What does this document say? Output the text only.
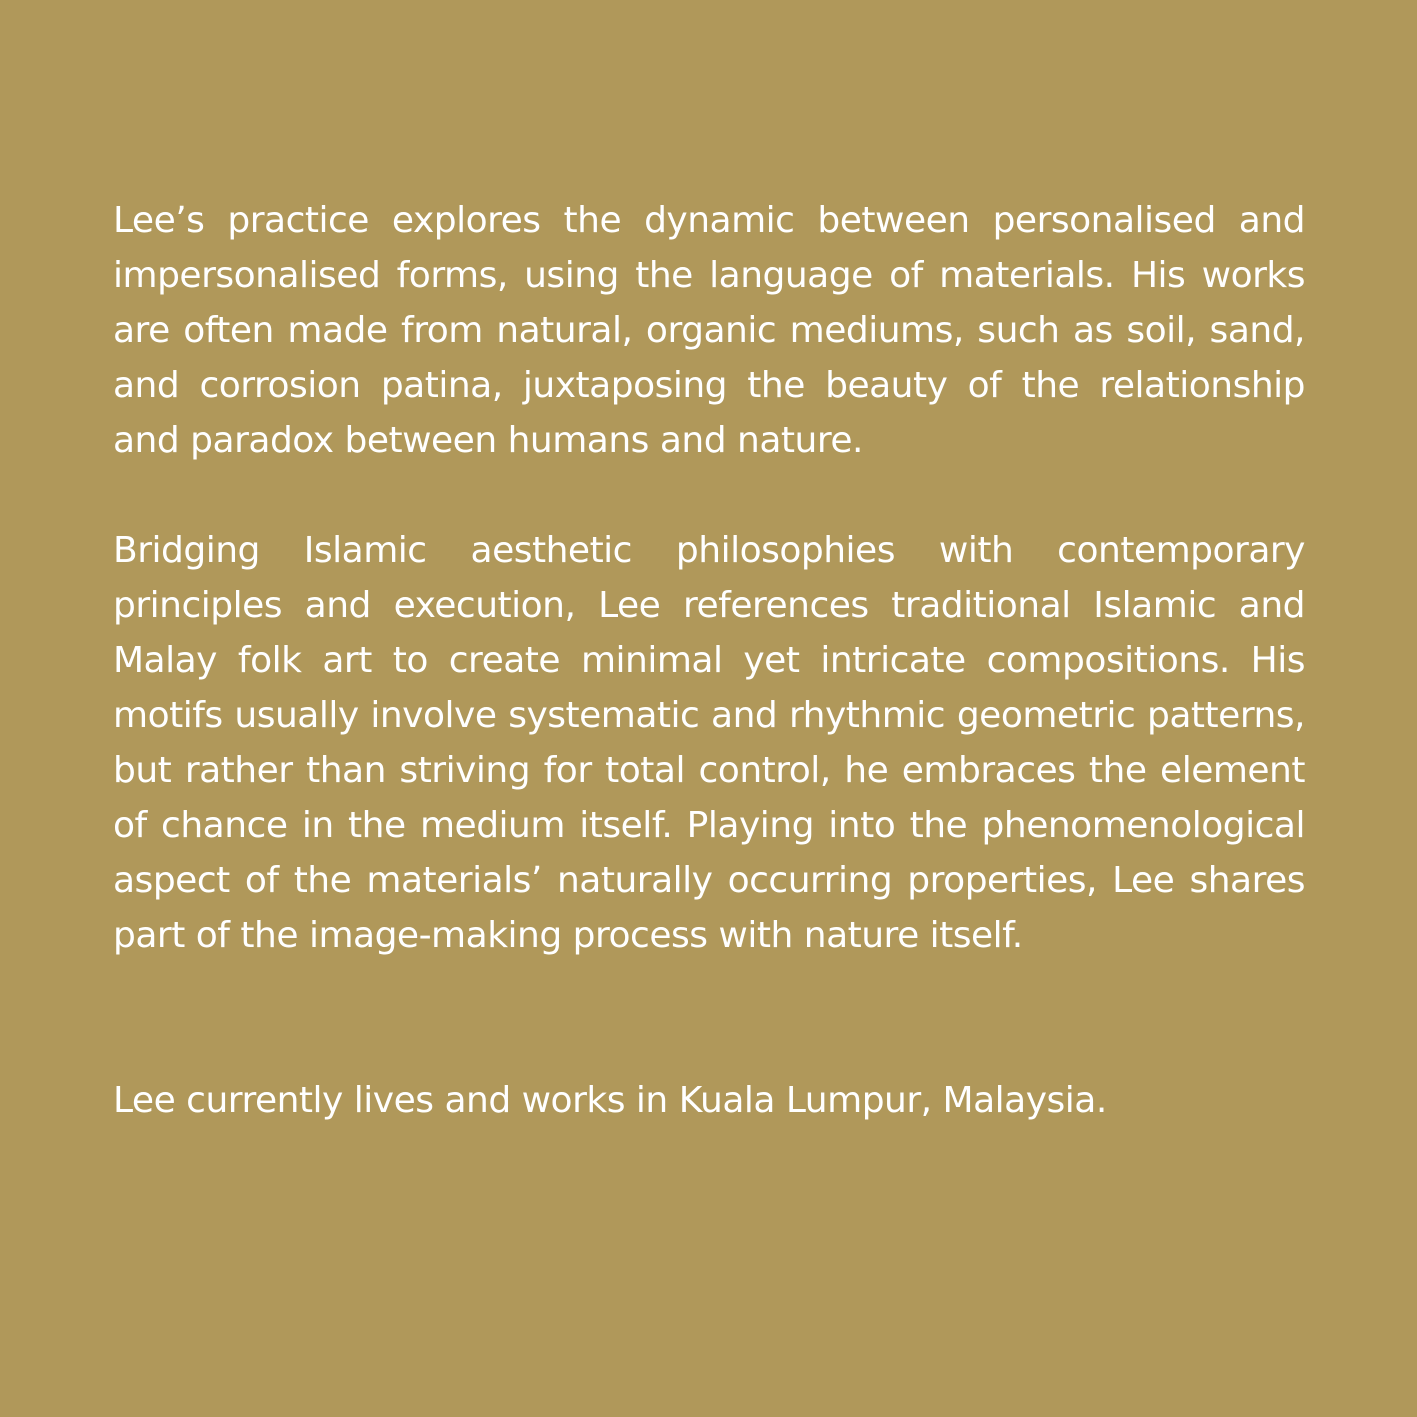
Lee’s practice explores the dynamic between personalised and impersonalised forms, using the language of materials. His works are often made from natural, organic mediums, such as soil, sand, and corrosion patina, juxtaposing the beauty of the relationship and paradox between humans and nature.

Bridging Islamic aesthetic philosophies with contemporary principles and execution, Lee references traditional Islamic and Malay folk art to create minimal yet intricate compositions. His motifs usually involve systematic and rhythmic geometric patterns, but rather than striving for total control, he embraces the element of chance in the medium itself. Playing into the phenomenological aspect of the materials’ naturally occurring properties, Lee shares part of the image-making process with nature itself.

Lee currently lives and works in Kuala Lumpur, Malaysia.
